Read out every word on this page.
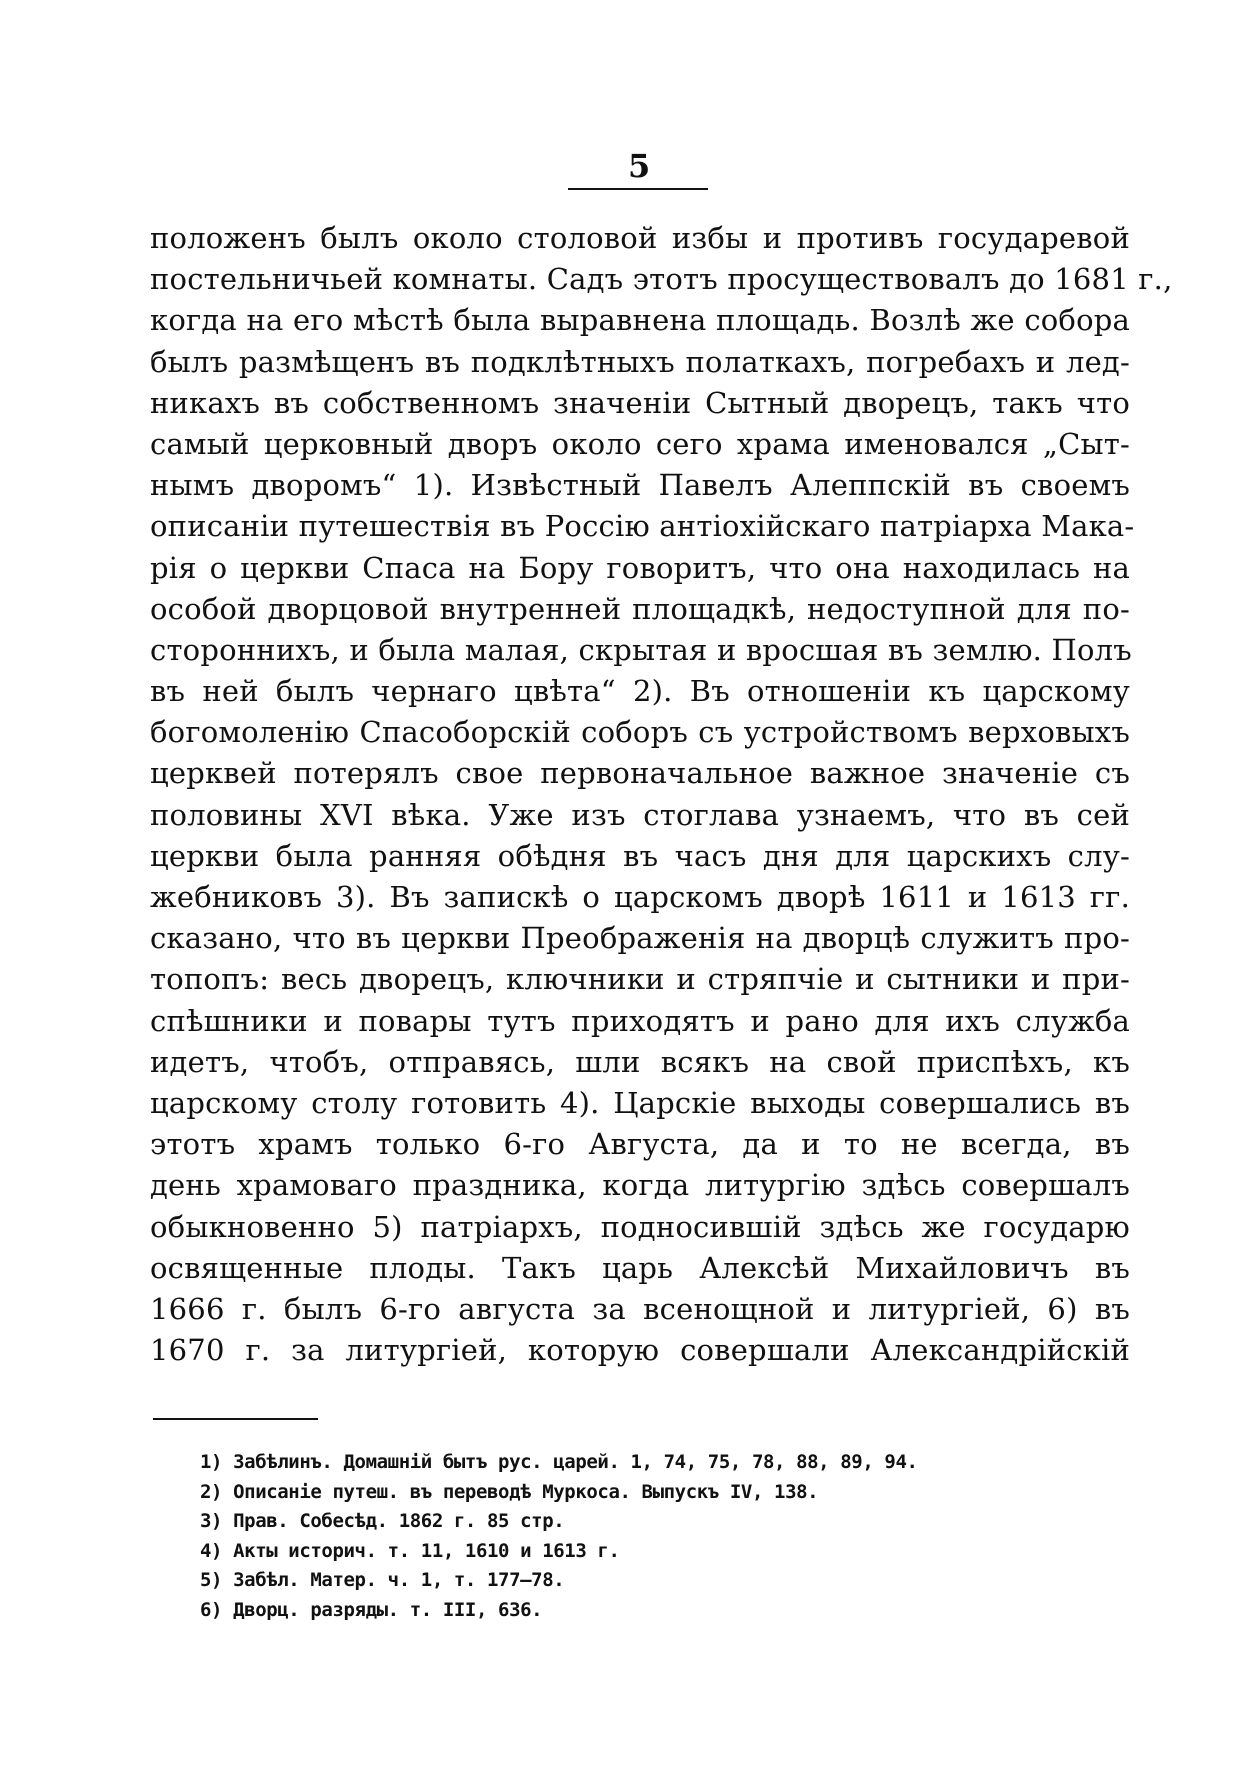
5
положенъ былъ около столовой избы и противъ государевой
постельничьей комнаты. Садъ этотъ просуществовалъ до 1681 г.,
когда на его мѣстѣ была выравнена площадь. Возлѣ же собора
былъ размѣщенъ въ подклѣтныхъ полаткахъ, погребахъ и лед-
никахъ въ собственномъ значеніи Сытный дворецъ, такъ что
самый церковный дворъ около сего храма именовался „Сыт-
нымъ дворомъ“ 1). Извѣстный Павелъ Алеппскій въ своемъ
описаніи путешествія въ Россію антіохійскаго патріарха Мака-
рія о церкви Спаса на Бору говоритъ, что она находилась на
особой дворцовой внутренней площадкѣ, недоступной для по-
стороннихъ, и была малая, скрытая и вросшая въ землю. Полъ
въ ней былъ чернаго цвѣта“ 2). Въ отношеніи къ царскому
богомоленію Спасоборскій соборъ съ устройствомъ верховыхъ
церквей потерялъ свое первоначальное важное значеніе съ
половины XVI вѣка. Уже изъ стоглава узнаемъ, что въ сей
церкви была ранняя обѣдня въ часъ дня для царскихъ слу-
жебниковъ 3). Въ запискѣ о царскомъ дворѣ 1611 и 1613 гг.
сказано, что въ церкви Преображенія на дворцѣ служитъ про-
топопъ: весь дворецъ, ключники и стряпчіе и сытники и при-
спѣшники и повары тутъ приходятъ и рано для ихъ служба
идетъ, чтобъ, отправясь, шли всякъ на свой приспѣхъ, къ
царскому столу готовить 4). Царскіе выходы совершались въ
этотъ храмъ только 6-го Августа, да и то не всегда, въ
день храмоваго праздника, когда литургію здѣсь совершалъ
обыкновенно 5) патріархъ, подносившій здѣсь же государю
освященные плоды. Такъ царь Алексѣй Михайловичъ въ
1666 г. былъ 6-го августа за всенощной и литургіей, 6) въ
1670 г. за литургіей, которую совершали Александрійскій
1) Забѣлинъ. Домашній бытъ рус. царей. 1, 74, 75, 78, 88, 89, 94.
2) Описаніе путеш. въ переводѣ Муркоса. Выпускъ IV, 138.
3) Прав. Собесѣд. 1862 г. 85 стр.
4) Акты историч. т. 11, 1610 и 1613 г.
5) Забѣл. Матер. ч. 1, т. 177—78.
6) Дворц. разряды. т. III, 636.
